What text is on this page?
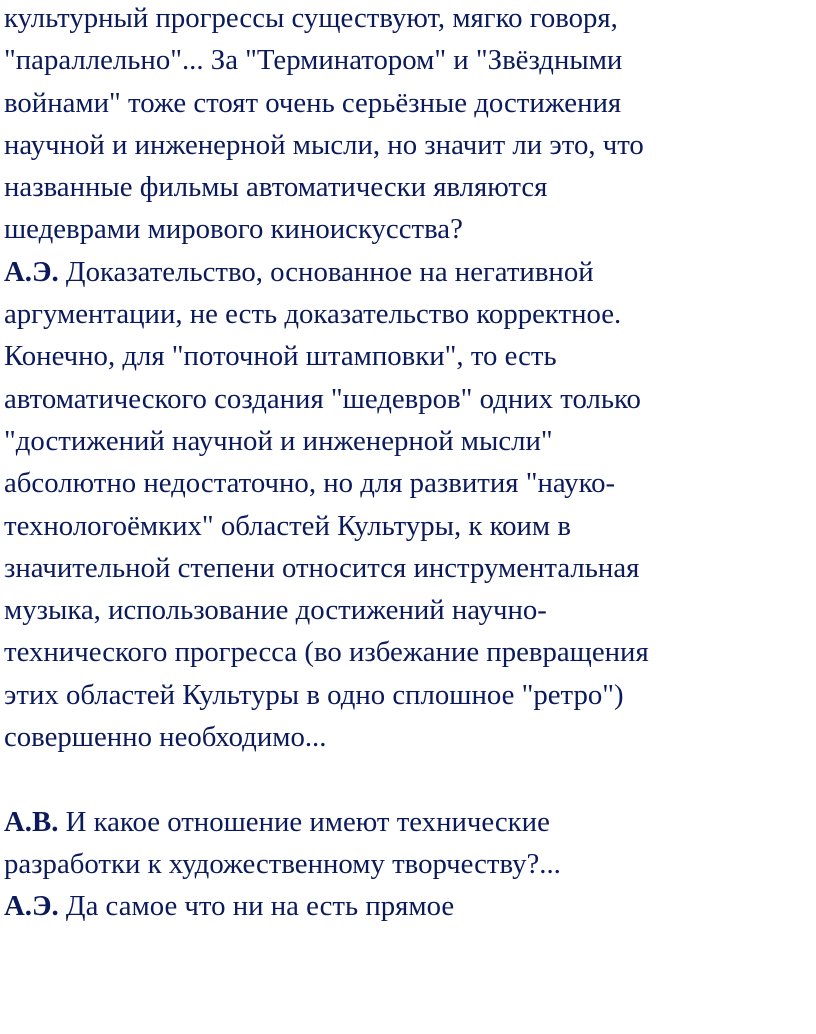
культурный прогрессы существуют, мягко говоря,
"параллельно"... За "Терминатором" и "Звёздными
войнами" тоже стоят очень серьёзные достижения
научной и инженерной мысли, но значит ли это, что
названные фильмы автоматически являются
шедеврами мирового киноискусства?
А.Э. Доказательство, основанное на негативной
аргументации, не есть доказательство корректное.
Конечно, для "поточной штамповки", то есть
автоматического создания "шедевров" одних только
"достижений научной и инженерной мысли"
абсолютно недостаточно, но для развития "науко-
технологоёмких" областей Культуры, к коим в
значительной степени относится инструментальная
музыка, использование достижений научно-
технического прогресса (во избежание превращения
этих областей Культуры в одно сплошное "ретро")
совершенно необходимо...
А.В. И какое отношение имеют технические
разработки к художественному творчеству?...
А.Э. Да самое что ни на есть прямое
